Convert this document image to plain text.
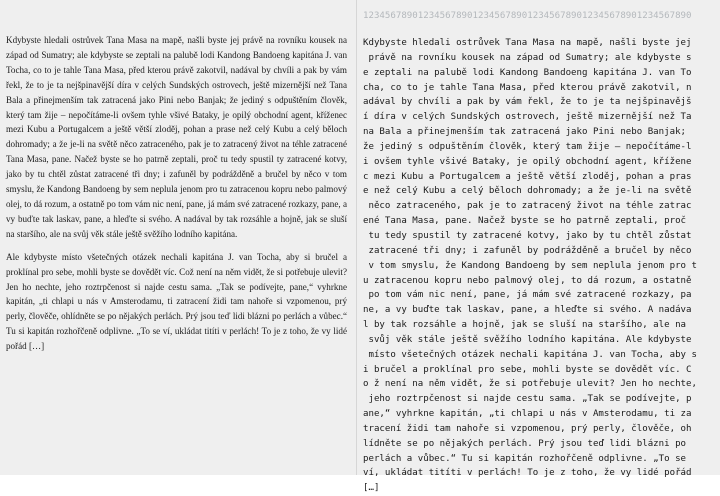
Kdybyste hledali ostrůvek Tana Masa na mapě, našli byste jej právě na rovníku kousek na západ od Sumatry; ale kdybyste se zeptali na palubě lodi Kandong Bandoeng kapitána J. van Tocha, co to je tahle Tana Masa, před kterou právě zakotvil, nadával by chvíli a pak by vám řekl, že to je ta nejšpinavější díra v celých Sundských ostrovech, ještě mizernější než Tana Bala a přinejmenším tak zatracená jako Pini nebo Banjak; že jediný s odpuštěním člověk, který tam žije – nepočítáme-li ovšem tyhle všivé Bataky, je opilý obchodní agent, kříženec mezi Kubu a Portugalcem a ještě větší zloděj, pohan a prase než celý Kubu a celý běloch dohromady; a že je-li na světě něco zatraceného, pak je to zatracený život na téhle zatracené Tana Masa, pane. Načež byste se ho patrně zeptali, proč tu tedy spustil ty zatracené kotvy, jako by tu chtěl zůstat zatracené tři dny; i zafuněl by podrážděně a bručel by něco v tom smyslu, že Kandong Bandoeng by sem neplula jenom pro tu zatracenou kopru nebo palmový olej, to dá rozum, a ostatně po tom vám nic není, pane, já mám své zatracené rozkazy, pane, a vy buďte tak laskav, pane, a hleďte si svého. A nadával by tak rozsáhle a hojně, jak se sluší na staršího, ale na svůj věk stále ještě svěžího lodního kapitána.

Ale kdybyste místo všetečných otázek nechali kapitána J. van Tocha, aby si bručel a proklínal pro sebe, mohli byste se dovědět víc. Což není na něm vidět, že si potřebuje ulevit? Jen ho nechte, jeho roztrpčenost si najde cestu sama. „Tak se podívejte, pane,“ vyhrkne kapitán, „ti chlapi u nás v Amsterodamu, ti zatracení židi tam nahoře si vzpomenou, prý perly, člověče, ohlídněte se po nějakých perlách. Prý jsou teď lidi blázni po perlách a vůbec.“ Tu si kapitán rozhořčeně odplivne. „To se ví, ukládat titíti v perlách! To je z toho, že vy lidé pořád […]

123456789012345678901234567890123456789012345678901234567890

Kdybyste hledali ostrůvek Tana Masa na mapě, našli byste jej

právě na rovníku kousek na západ od Sumatry; ale kdybyste s

e zeptali na palubě lodi Kandong Bandoeng kapitána J. van To

cha, co to je tahle Tana Masa, před kterou právě zakotvil, n

adával by chvíli a pak by vám řekl, že to je ta nejšpinavějš

í díra v celých Sundských ostrovech, ještě mizernější než Ta

na Bala a přinejmenším tak zatracená jako Pini nebo Banjak;

že jediný s odpuštěním člověk, který tam žije – nepočítáme-l

i ovšem tyhle všivé Bataky, je opilý obchodní agent, křížene

c mezi Kubu a Portugalcem a ještě větší zloděj, pohan a pras

e než celý Kubu a celý běloch dohromady; a že je-li na světě

něco zatraceného, pak je to zatracený život na téhle zatrac

ené Tana Masa, pane. Načež byste se ho patrně zeptali, proč

tu tedy spustil ty zatracené kotvy, jako by tu chtěl zůstat

zatracené tři dny; i zafuněl by podrážděně a bručel by něco

v tom smyslu, že Kandong Bandoeng by sem neplula jenom pro t

u zatracenou kopru nebo palmový olej, to dá rozum, a ostatně

po tom vám nic není, pane, já mám své zatracené rozkazy, pa

ne, a vy buďte tak laskav, pane, a hleďte si svého. A nadáva

l by tak rozsáhle a hojně, jak se sluší na staršího, ale na

svůj věk stále ještě svěžího lodního kapitána. Ale kdybyste

místo všetečných otázek nechali kapitána J. van Tocha, aby s

i bručel a proklínal pro sebe, mohli byste se dovědět víc. C

o ž není na něm vidět, že si potřebuje ulevit? Jen ho nechte,

jeho roztrpčenost si najde cestu sama. „Tak se podívejte, p

ane,“ vyhrkne kapitán, „ti chlapi u nás v Amsterodamu, ti za

tracení židi tam nahoře si vzpomenou, prý perly, člověče, oh

lídněte se po nějakých perlách. Prý jsou teď lidi blázni po

perlách a vůbec.“ Tu si kapitán rozhořčeně odplivne. „To se

ví, ukládat titíti v perlách! To je z toho, že vy lidé pořád

[…]
